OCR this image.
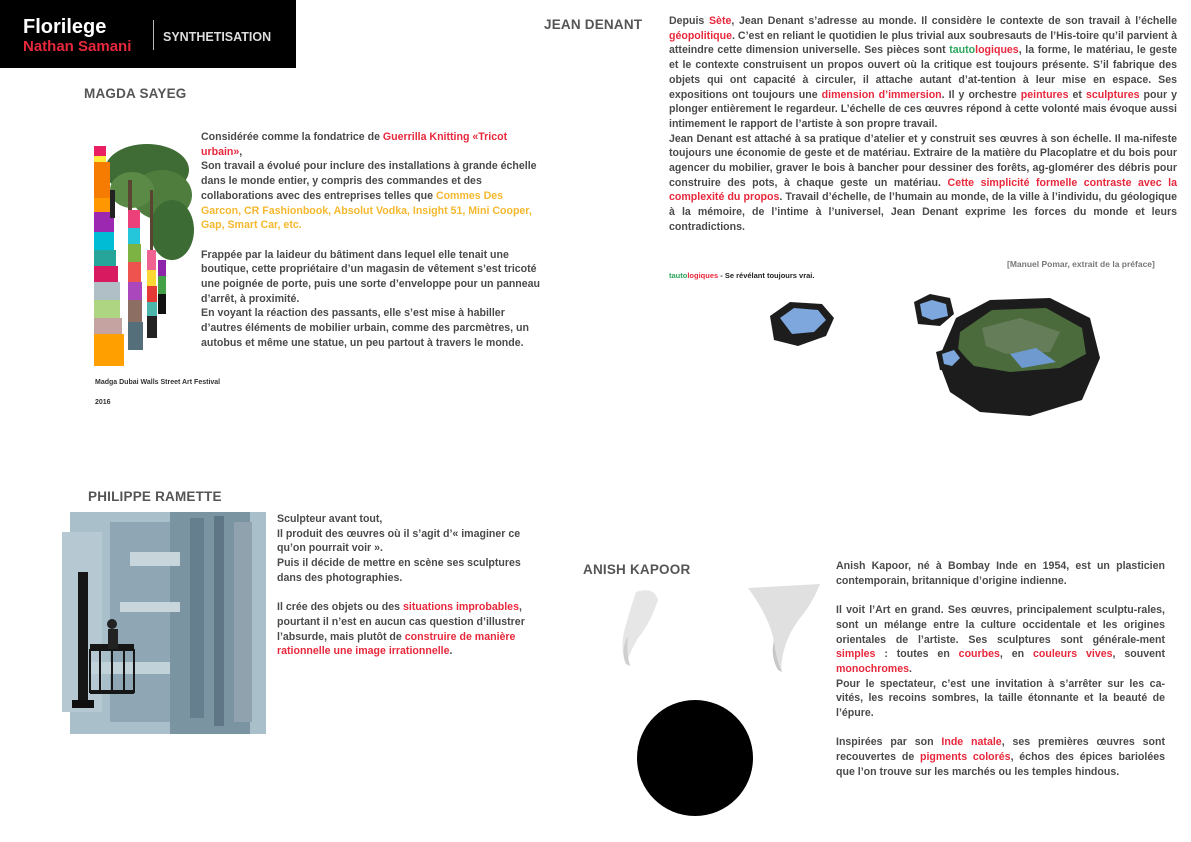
Florilege
Nathan Samani
SYNTHETISATION
MAGDA SAYEG

Considérée comme la fondatrice de Guerrilla Knitting «Tricot urbain»,

Son travail a évolué pour inclure des installations à grande échelle dans le monde entier, y compris des commandes et des collaborations avec des entreprises telles que Commes Des Garcon, CR Fashionbook, Absolut Vodka, Insight 51, Mini Cooper, Gap, Smart Car, etc.

Frappée par la laideur du bâtiment dans lequel elle tenait une boutique, cette propriétaire d’un magasin de vêtement s’est tricoté une poignée de porte, puis une sorte d’enveloppe pour un panneau d’arrêt, à proximité.

En voyant la réaction des passants, elle s’est mise à habiller d’autres éléments de mobilier urbain, comme des parcmètres, un autobus et même une statue, un peu partout à travers le monde.

Madga Dubai Walls Street Art Festival
2016
JEAN DENANT	Depuis Sète, Jean Denant s’adresse au monde. Il considère le contexte de son travail à l’échelle géopolitique. C’est en reliant le quotidien le plus trivial aux soubresauts de l’His-toire qu’il parvient à atteindre cette dimension universelle. Ses pièces sont tautologiques, la forme, le matériau, le geste et le contexte construisent un propos ouvert où la critique est toujours présente. S’il fabrique des objets qui ont capacité à circuler, il attache autant d’at-tention à leur mise en espace. Ses expositions ont toujours une dimension d’immersion. Il y orchestre peintures et sculptures pour y plonger entièrement le regardeur. L’échelle de ces œuvres répond à cette volonté mais évoque aussi intimement le rapport de l’artiste à son propre travail.

Jean Denant est attaché à sa pratique d’atelier et y construit ses œuvres à son échelle. Il ma-nifeste toujours une économie de geste et de matériau. Extraire de la matière du Placoplatre et du bois pour agencer du mobilier, graver le bois à bancher pour dessiner des forêts, ag-glomérer des débris pour construire des pots, à chaque geste un matériau. Cette simplicité formelle contraste avec la complexité du propos. Travail d’échelle, de l’humain au monde, de la ville à l’individu, du géologique à la mémoire, de l’intime à l’universel, Jean Denant exprime les forces du monde et leurs contradictions.

[Manuel Pomar, extrait de la préface]
tautologiques - Se révélant toujours vrai.
PHILIPPE RAMETTE

Sculpteur avant tout,

Il produit des œuvres où il s’agit d’« imaginer ce qu’on pourrait voir ».

Puis il décide de mettre en scène ses sculptures dans des photographies.

Il crée des objets ou des situations improbables, pourtant il n’est en aucun cas question d’illustrer l’absurde, mais plutôt de construire de manière rationnelle une image irrationnelle.

ANISH KAPOOR	Anish Kapoor, né à Bombay Inde en 1954, est un plasticien contemporain, britannique d’origine indienne.

Il voit l’Art en grand. Ses œuvres, principalement sculptu-rales, sont un mélange entre la culture occidentale et les origines orientales de l’artiste. Ses sculptures sont générale-ment simples : toutes en courbes, en couleurs vives, souvent monochromes.

Pour le spectateur, c’est une invitation à s’arrêter sur les ca-vités, les recoins sombres, la taille étonnante et la beauté de l’épure.

Inspirées par son Inde natale, ses premières œuvres sont recouvertes de pigments colorés, échos des épices bariolées que l’on trouve sur les marchés ou les temples hindous.
